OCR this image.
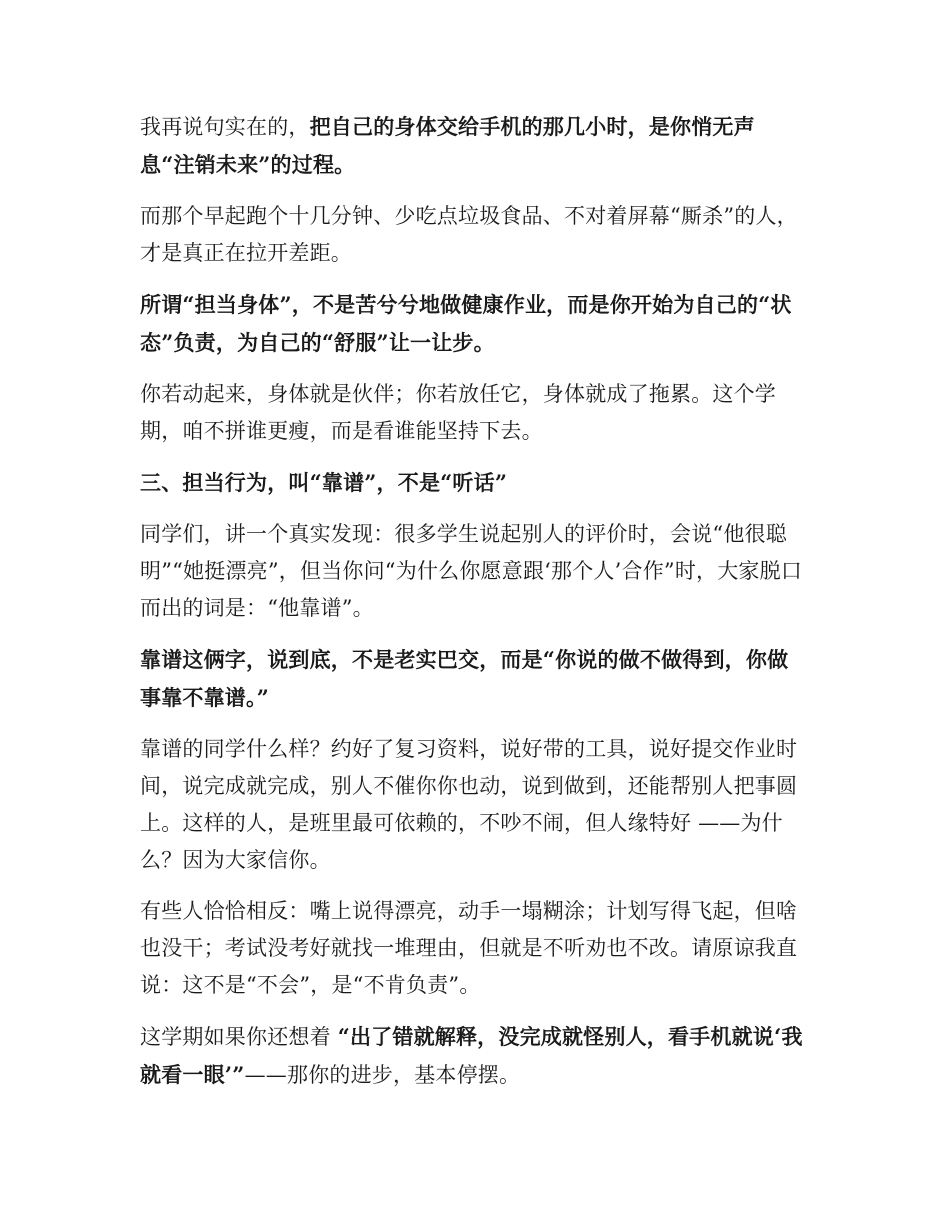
我再说句实在的，把自己的身体交给手机的那几小时，是你悄无声息“注销未来”的过程。

而那个早起跑个十几分钟、少吃点垃圾食品、不对着屏幕“厮杀”的人，才是真正在拉开差距。

所谓“担当身体”，不是苦兮兮地做健康作业，而是你开始为自己的“状态”负责，为自己的“舒服”让一让步。

你若动起来，身体就是伙伴；你若放任它，身体就成了拖累。这个学期，咱不拼谁更瘦，而是看谁能坚持下去。

三、担当行为，叫“靠谱”，不是“听话”

同学们，讲一个真实发现：很多学生说起别人的评价时，会说“他很聪明”“她挺漂亮”，但当你问“为什么你愿意跟‘那个人’合作”时，大家脱口而出的词是：“他靠谱”。

靠谱这俩字，说到底，不是老实巴交，而是“你说的做不做得到，你做事靠不靠谱。”

靠谱的同学什么样？约好了复习资料，说好带的工具，说好提交作业时间，说完成就完成，别人不催你你也动，说到做到，还能帮别人把事圆上。这样的人，是班里最可依赖的，不吵不闹，但人缘特好 ——为什么？因为大家信你。

有些人恰恰相反：嘴上说得漂亮，动手一塌糊涂；计划写得飞起，但啥也没干；考试没考好就找一堆理由，但就是不听劝也不改。请原谅我直说：这不是“不会”，是“不肯负责”。

这学期如果你还想着 “出了错就解释，没完成就怪别人，看手机就说‘我就看一眼’”——那你的进步，基本停摆。
